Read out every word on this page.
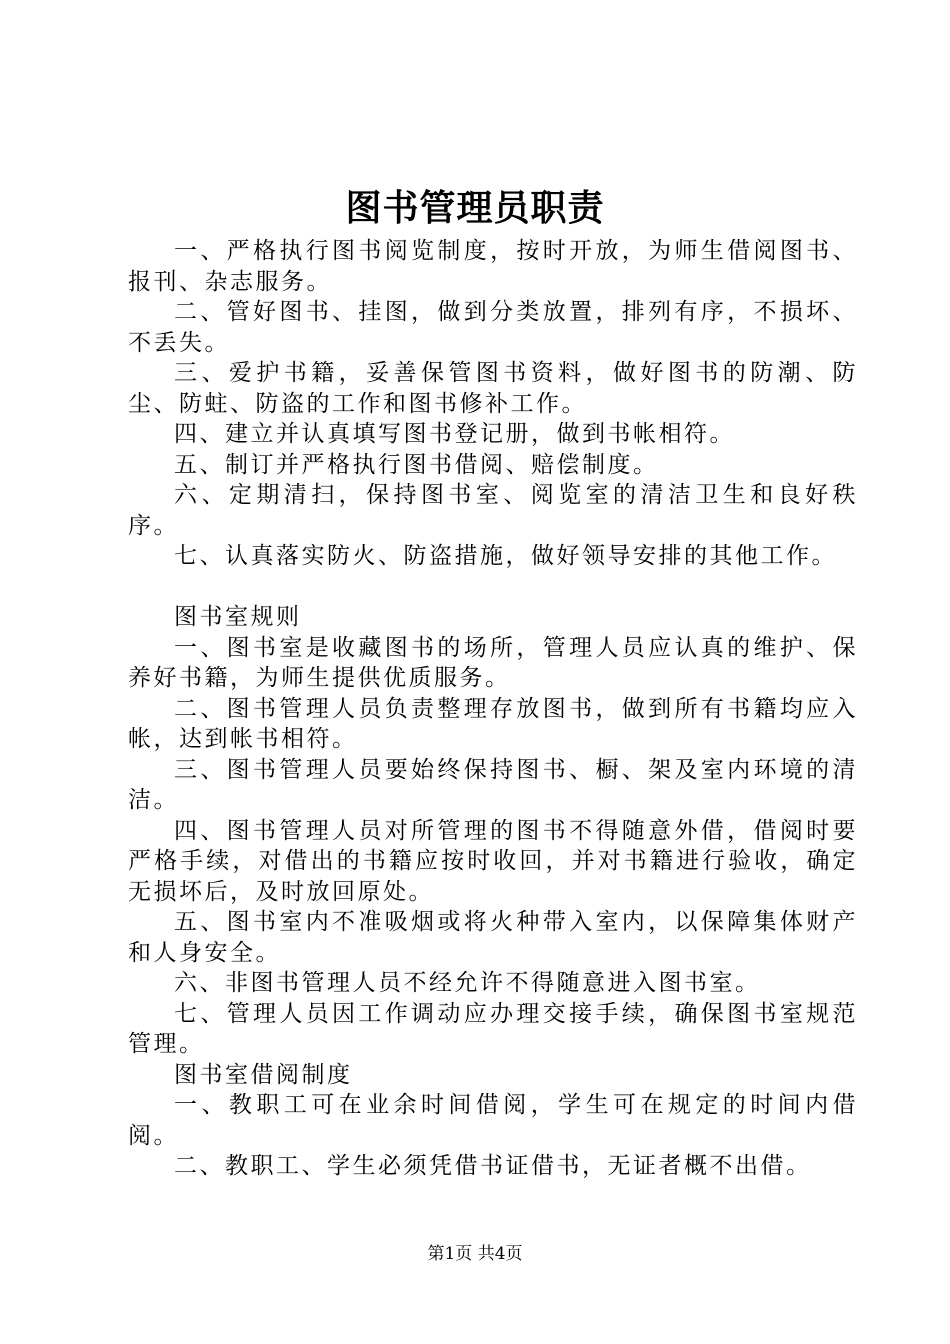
图书管理员职责

一、严格执行图书阅览制度，按时开放，为师生借阅图书、报刊、杂志服务。

二、管好图书、挂图，做到分类放置，排列有序，不损坏、不丢失。

三、爱护书籍，妥善保管图书资料，做好图书的防潮、防尘、防蛀、防盗的工作和图书修补工作。

四、建立并认真填写图书登记册，做到书帐相符。

五、制订并严格执行图书借阅、赔偿制度。

六、定期清扫，保持图书室、阅览室的清洁卫生和良好秩序。

七、认真落实防火、防盗措施，做好领导安排的其他工作。

图书室规则

一、图书室是收藏图书的场所，管理人员应认真的维护、保养好书籍，为师生提供优质服务。

二、图书管理人员负责整理存放图书，做到所有书籍均应入帐，达到帐书相符。

三、图书管理人员要始终保持图书、橱、架及室内环境的清洁。

四、图书管理人员对所管理的图书不得随意外借，借阅时要严格手续，对借出的书籍应按时收回，并对书籍进行验收，确定无损坏后，及时放回原处。

五、图书室内不准吸烟或将火种带入室内，以保障集体财产和人身安全。

六、非图书管理人员不经允许不得随意进入图书室。

七、管理人员因工作调动应办理交接手续，确保图书室规范管理。

图书室借阅制度

一、教职工可在业余时间借阅，学生可在规定的时间内借阅。

二、教职工、学生必须凭借书证借书，无证者概不出借。

第1页 共4页
